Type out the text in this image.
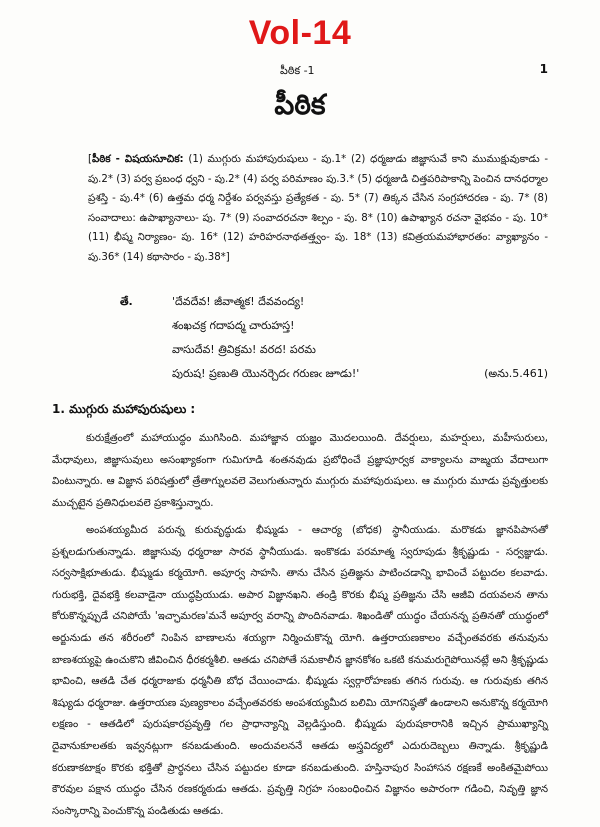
Vol-14
పీఠిక -1	1
పీఠిక
[పీఠిక - విషయసూచిక: (1) ముగ్గురు మహాపురుషులు - పు.1* (2) ధర్మజుడు జిజ్ఞాసువే కాని ముముక్షువుకాడు - పు.2* (3) పర్వ ప్రబంధ ధ్వని - పు.2* (4) పర్వ పరిమాణం పు.3.* (5) ధర్మజుడి చిత్తపరిపాకాన్ని పెంచిన దానధర్మాల ప్రశస్తి - పు.4* (6) ఉత్తమ ధర్మ నిర్దేశం పర్వవస్తు ప్రత్యేకత - పు. 5* (7) తిక్కన చేసిన సంగ్రహాదరణ - పు. 7* (8) సంవాదాలు: ఉపాఖ్యానాలు- పు. 7* (9) సంవాదరచనా శిల్పం - పు. 8* (10) ఉపాఖ్యాన రచనా వైభవం - పు. 10* (11) భీష్మ నిర్యాణం- పు. 16* (12) హరిహరనాథతత్త్వం- పు. 18* (13) కవిత్రయమహాభారతం: వ్యాఖ్యానం - పు.36* (14) కథాసారం - పు.38*]
తే.	'దేవదేవ! జీవాత్మక! దేవవంద్య!
శంఖచక్ర గదాపద్మ చారుహస్త!
వాసుదేవ! త్రివిక్రమ! వరద! పరమ
పురుష! ప్రణుతి యొనర్చెదఁ గరుణఁ జూడు!'	(అను.5.461)
1. ముగ్గురు మహాపురుషులు :
కురుక్షేత్రంలో మహాయుద్ధం ముగిసింది. మహాజ్ఞాన యజ్ఞం మొదలయింది. దేవర్షులు, మహర్షులు, మహీసురులు, మేధావులు, జిజ్ఞాసువులు అసంఖ్యాకంగా గుమిగూడి శంతనవుడు ప్రబోధించే ప్రజ్ఞాపూర్వక వాక్యాలను వాఙ్మయ వేదాలుగా వింటున్నారు. ఆ విజ్ఞాన పరిషత్తులో త్రేతాగ్నులవలె వెలుగుతున్నారు ముగ్గురు మహాపురుషులు. ఆ ముగ్గురు మూడు ప్రవృత్తులకు ముచ్చటైన ప్రతినిధులవలె ప్రకాశిస్తున్నారు.
అంపశయ్యమీద పరున్న కురువృద్ధుడు భీష్ముడు - ఆచార్య (బోధక) స్థానీయుడు. మరొకడు జ్ఞానపిపాసతో ప్రశ్నలడుగుతున్నాడు. జిజ్ఞాసువు ధర్మరాజు సారవ స్థానీయుడు. ఇంకొకడు పరమాత్మ స్వరూపుడు శ్రీకృష్ణుడు - సర్వజ్ఞుడు. సర్వసాక్షిభూతుడు. భీష్ముడు కర్మయోగి. అపూర్వ సాహసి. తాను చేసిన ప్రతిజ్ఞను పాటించడాన్ని భావించే పట్టుదల కలవాడు. గురుభక్తి, దైవభక్తి కలవాడైనా యుద్ధప్రియుడు. అపార విజ్ఞానఖని. తండ్రి కొరకు భీష్మ ప్రతిజ్ఞను చేసి ఆజీవి దయవలన తాను కోరుకొన్నప్పుడే చనిపోయే 'ఇచ్ఛామరణ'మనే అపూర్వ వరాన్ని పొందినవాడు. శిఖండితో యుద్ధం చేయనన్న ప్రతినతో యుద్ధంలో అర్జునుడు తన శరీరంలో నింపిన బాణాలను శయ్యగా నిర్మించుకొన్న యోగి. ఉత్తరాయణకాలం వచ్చేంతవరకు తనువును బాణశయ్యపై ఉంచుకొని జీవించిన ధీరకర్మశీలి. ఆతడు చనిపోతే సమకాలీన జ్ఞానకోశం ఒకటి కనుమరుగైపోయినట్లే అని శ్రీకృష్ణుడు భావించి, ఆతడి చేత ధర్మరాజుకు ధర్మనీతి బోధ చేయించాడు. భీష్ముడు స్వర్గారోహణకు తగిన గురువు. ఆ గురువుకు తగిన శిష్యుడు ధర్మరాజు. ఉత్తరాయణ పుణ్యకాలం వచ్చేంతవరకు అంపశయ్యమీద బలిమి యోగనిష్ఠతో ఉండాలని అనుకొన్న కర్మయోగి లక్షణం - ఆతడిలో పురుషకారప్రవృత్తి గల ప్రాధాన్యాన్ని వెల్లడిస్తుంది. భీష్ముడు పురుషకారానికి ఇచ్చిన ప్రాముఖ్యాన్ని దైవానుకూలతకు ఇవ్వనట్లుగా కనబడుతుంది. అందువలననే ఆతడు అస్త్రవిద్యలో ఎదురుదెబ్బలు తిన్నాడు. శ్రీకృష్ణుడి కరుణాకటాక్షం కొరకు భక్తితో ప్రార్థనలు చేసిన పట్టుదల కూడా కనబడుతుంది. హస్తినాపుర సింహాసన రక్షణకే అంకితమైపోయి కౌరవుల పక్షాన యుద్ధం చేసిన రణకర్మఠుడు ఆతడు. ప్రవృత్తి నిగ్రహ సంబంధించిన విజ్ఞానం అపారంగా గడించి, నివృత్తి జ్ఞాన సంస్కారాన్ని పెంచుకొన్న పండితుడు ఆతడు.
